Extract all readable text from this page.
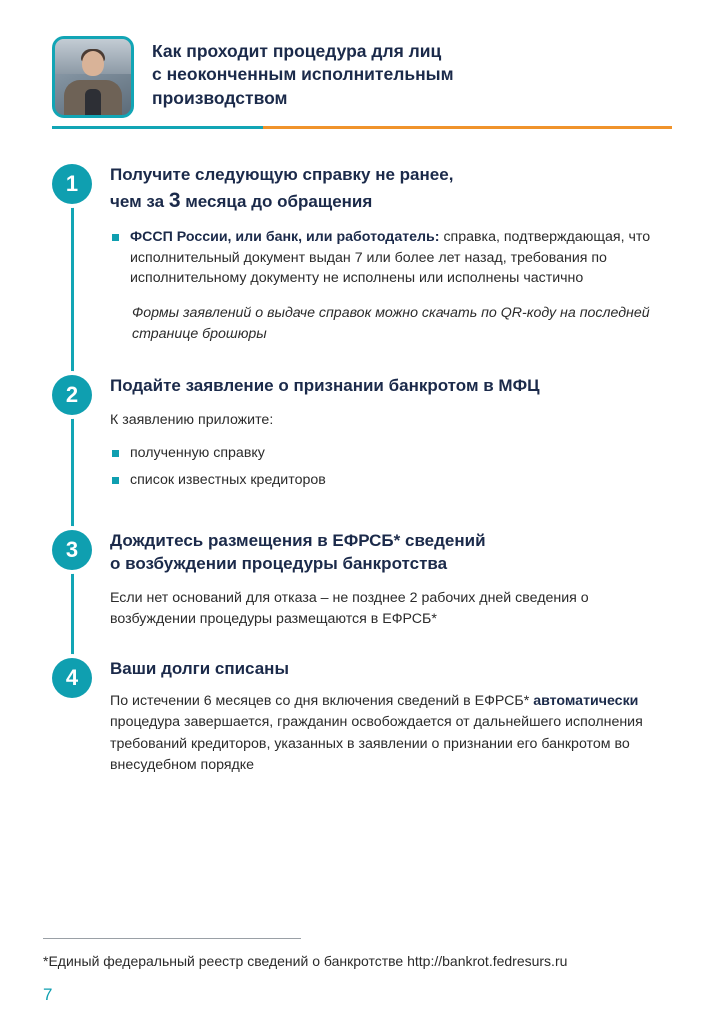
Как проходит процедура для лиц
с неоконченным исполнительным
производством
1	Получите следующую справку не ранее,
чем за 3 месяца до обращения
ФССП России, или банк, или работодатель: справка, подтверждающая, что исполнительный документ выдан 7 или более лет назад, требования по исполнительному документу не исполнены или исполнены частично
Формы заявлений о выдаче справок можно скачать по QR-коду на последней странице брошюры
2	Подайте заявление о признании банкротом в МФЦ
К заявлению приложите:
полученную справку
список известных кредиторов
3	Дождитесь размещения в ЕФРСБ* сведений
о возбуждении процедуры банкротства
Если нет оснований для отказа – не позднее 2 рабочих дней сведения о возбуждении процедуры размещаются в ЕФРСБ*
4	Ваши долги списаны
По истечении 6 месяцев со дня включения сведений в ЕФРСБ* автоматически процедура завершается, гражданин освобождается от дальнейшего исполнения требований кредиторов, указанных в заявлении о признании его банкротом во внесудебном порядке
*Единый федеральный реестр сведений о банкротстве http://bankrot.fedresurs.ru
7
